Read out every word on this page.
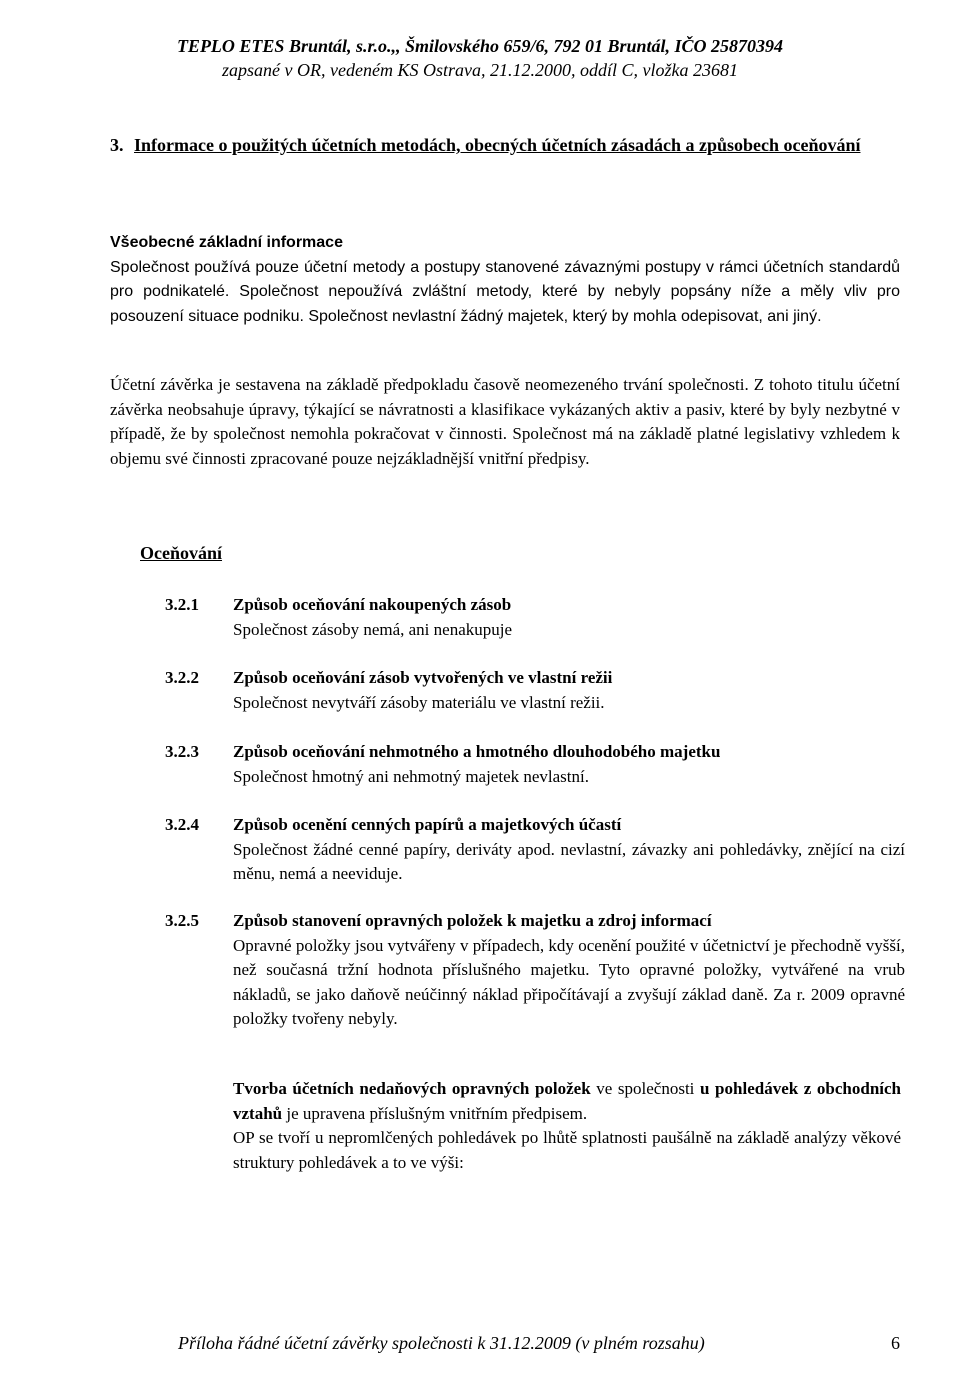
TEPLO ETES Bruntál, s.r.o.,, Šmilovského 659/6, 792 01 Bruntál, IČO 25870394
zapsané v OR, vedeném KS Ostrava, 21.12.2000, oddíl C, vložka 23681
3. Informace o použitých účetních metodách, obecných účetních zásadách a způsobech oceňování
Všeobecné základní informace
Společnost používá pouze účetní metody a postupy stanovené závaznými postupy v rámci účetních standardů pro podnikatelé. Společnost nepoužívá zvláštní metody, které by nebyly popsány níže a měly vliv pro posouzení situace podniku. Společnost nevlastní žádný majetek, který by mohla odepisovat, ani jiný.
Účetní závěrka je sestavena na základě předpokladu časově neomezeného trvání společnosti. Z tohoto titulu účetní závěrka neobsahuje úpravy, týkající se návratnosti a klasifikace vykázaných aktiv a pasiv, které by byly nezbytné v případě, že by společnost nemohla pokračovat v činnosti. Společnost má na základě platné legislativy vzhledem k objemu své činnosti zpracované pouze nejzákladnější vnitřní předpisy.
Oceňování
3.2.1 Způsob oceňování nakoupených zásob
Společnost zásoby nemá, ani nenakupuje
3.2.2 Způsob oceňování zásob vytvořených ve vlastní režii
Společnost nevytváří zásoby materiálu ve vlastní režii.
3.2.3 Způsob oceňování nehmotného a hmotného dlouhodobého majetku
Společnost hmotný ani nehmotný majetek nevlastní.
3.2.4 Způsob ocenění cenných papírů a majetkových účastí
Společnost žádné cenné papíry, deriváty apod. nevlastní, závazky ani pohledávky, znějící na cizí měnu, nemá a neeviduje.
3.2.5 Způsob stanovení opravných položek k majetku a zdroj informací
Opravné položky jsou vytvářeny v případech, kdy ocenění použité v účetnictví je přechodně vyšší, než současná tržní hodnota příslušného majetku. Tyto opravné položky, vytvářené na vrub nákladů, se jako daňově neúčinný náklad připočítávají a zvyšují základ daně. Za r. 2009 opravné položky tvořeny nebyly.
Tvorba účetních nedaňových opravných položek ve společnosti u pohledávek z obchodních vztahů je upravena příslušným vnitřním předpisem.
OP se tvoří u nepromlčených pohledávek po lhůtě splatnosti paušálně na základě analýzy věkové struktury pohledávek a to ve výši:
Příloha řádné účetní závěrky společnosti k 31.12.2009 (v plném rozsahu)	6
